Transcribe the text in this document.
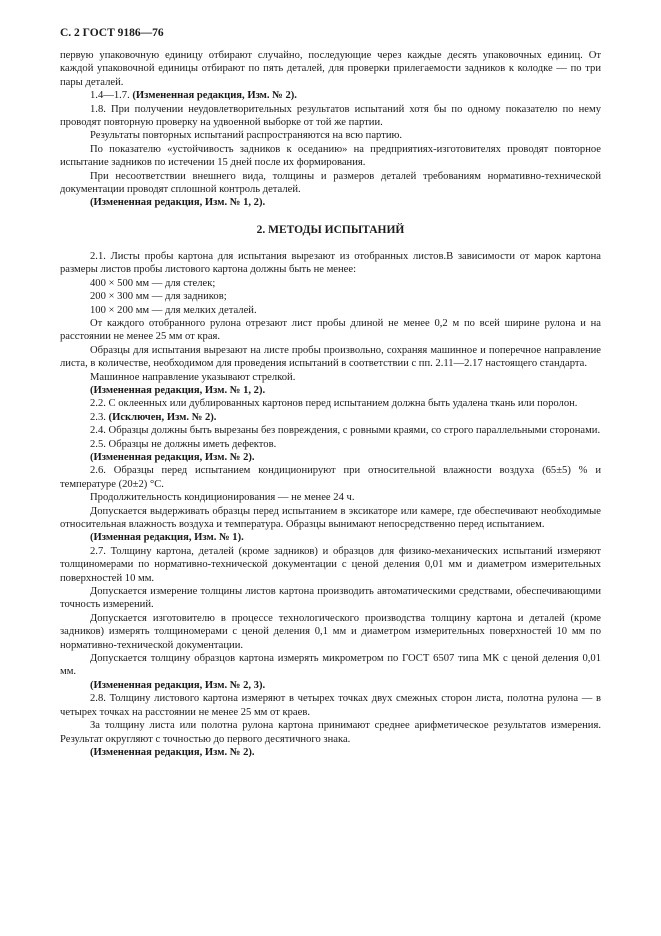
С. 2 ГОСТ 9186—76

первую упаковочную единицу отбирают случайно, последующие через каждые десять упаковочных единиц. От каждой упаковочной единицы отбирают по пять деталей, для проверки прилегаемости задников к колодке — по три пары деталей.

1.4—1.7. (Измененная редакция, Изм. № 2).

1.8. При получении неудовлетворительных результатов испытаний хотя бы по одному показателю по нему проводят повторную проверку на удвоенной выборке от той же партии.

Результаты повторных испытаний распространяются на всю партию.

По показателю «устойчивость задников к оседанию» на предприятиях-изготовителях проводят повторное испытание задников по истечении 15 дней после их формирования.

При несоответствии внешнего вида, толщины и размеров деталей требованиям нормативно-технической документации проводят сплошной контроль деталей.

(Измененная редакция, Изм. № 1, 2).
2. МЕТОДЫ ИСПЫТАНИЙ

2.1. Листы пробы картона для испытания вырезают из отобранных листов.В зависимости от марок картона размеры листов пробы листового картона должны быть не менее:

400 × 500 мм — для стелек;
200 × 300 мм — для задников;
100 × 200 мм — для мелких деталей.

От каждого отобранного рулона отрезают лист пробы длиной не менее 0,2 м по всей ширине рулона и на расстоянии не менее 25 мм от края.

Образцы для испытания вырезают на листе пробы произвольно, сохраняя машинное и поперечное направление листа, в количестве, необходимом для проведения испытаний в соответствии с пп. 2.11—2.17 настоящего стандарта.

Машинное направление указывают стрелкой.

(Измененная редакция, Изм. № 1, 2).

2.2. С оклеенных или дублированных картонов перед испытанием должна быть удалена ткань или поролон.

2.3. (Исключен, Изм. № 2).

2.4. Образцы должны быть вырезаны без повреждения, с ровными краями, со строго параллельными сторонами.

2.5. Образцы не должны иметь дефектов.

(Измененная редакция, Изм. № 2).

2.6. Образцы перед испытанием кондиционируют при относительной влажности воздуха (65±5) % и температуре (20±2) °С.

Продолжительность кондиционирования — не менее 24 ч.

Допускается выдерживать образцы перед испытанием в эксикаторе или камере, где обеспечивают необходимые относительная влажность воздуха и температура. Образцы вынимают непосредственно перед испытанием.

(Изменная редакция, Изм. № 1).

2.7. Толщину картона, деталей (кроме задников) и образцов для физико-механических испытаний измеряют толщиномерами по нормативно-технической документации с ценой деления 0,01 мм и диаметром измерительных поверхностей 10 мм.

Допускается измерение толщины листов картона производить автоматическими средствами, обеспечивающими точность измерений.

Допускается изготовителю в процессе технологического производства толщину картона и деталей (кроме задников) измерять толщиномерами с ценой деления 0,1 мм и диаметром измерительных поверхностей 10 мм по нормативно-технической документации.

Допускается толщину образцов картона измерять микрометром по ГОСТ 6507 типа МК с ценой деления 0,01 мм.

(Измененная редакция, Изм. № 2, 3).

2.8. Толщину листового картона измеряют в четырех точках двух смежных сторон листа, полотна рулона — в четырех точках на расстоянии не менее 25 мм от краев.

За толщину листа или полотна рулона картона принимают среднее арифметическое результатов измерения. Результат округляют с точностью до первого десятичного знака.

(Измененная редакция, Изм. № 2).
